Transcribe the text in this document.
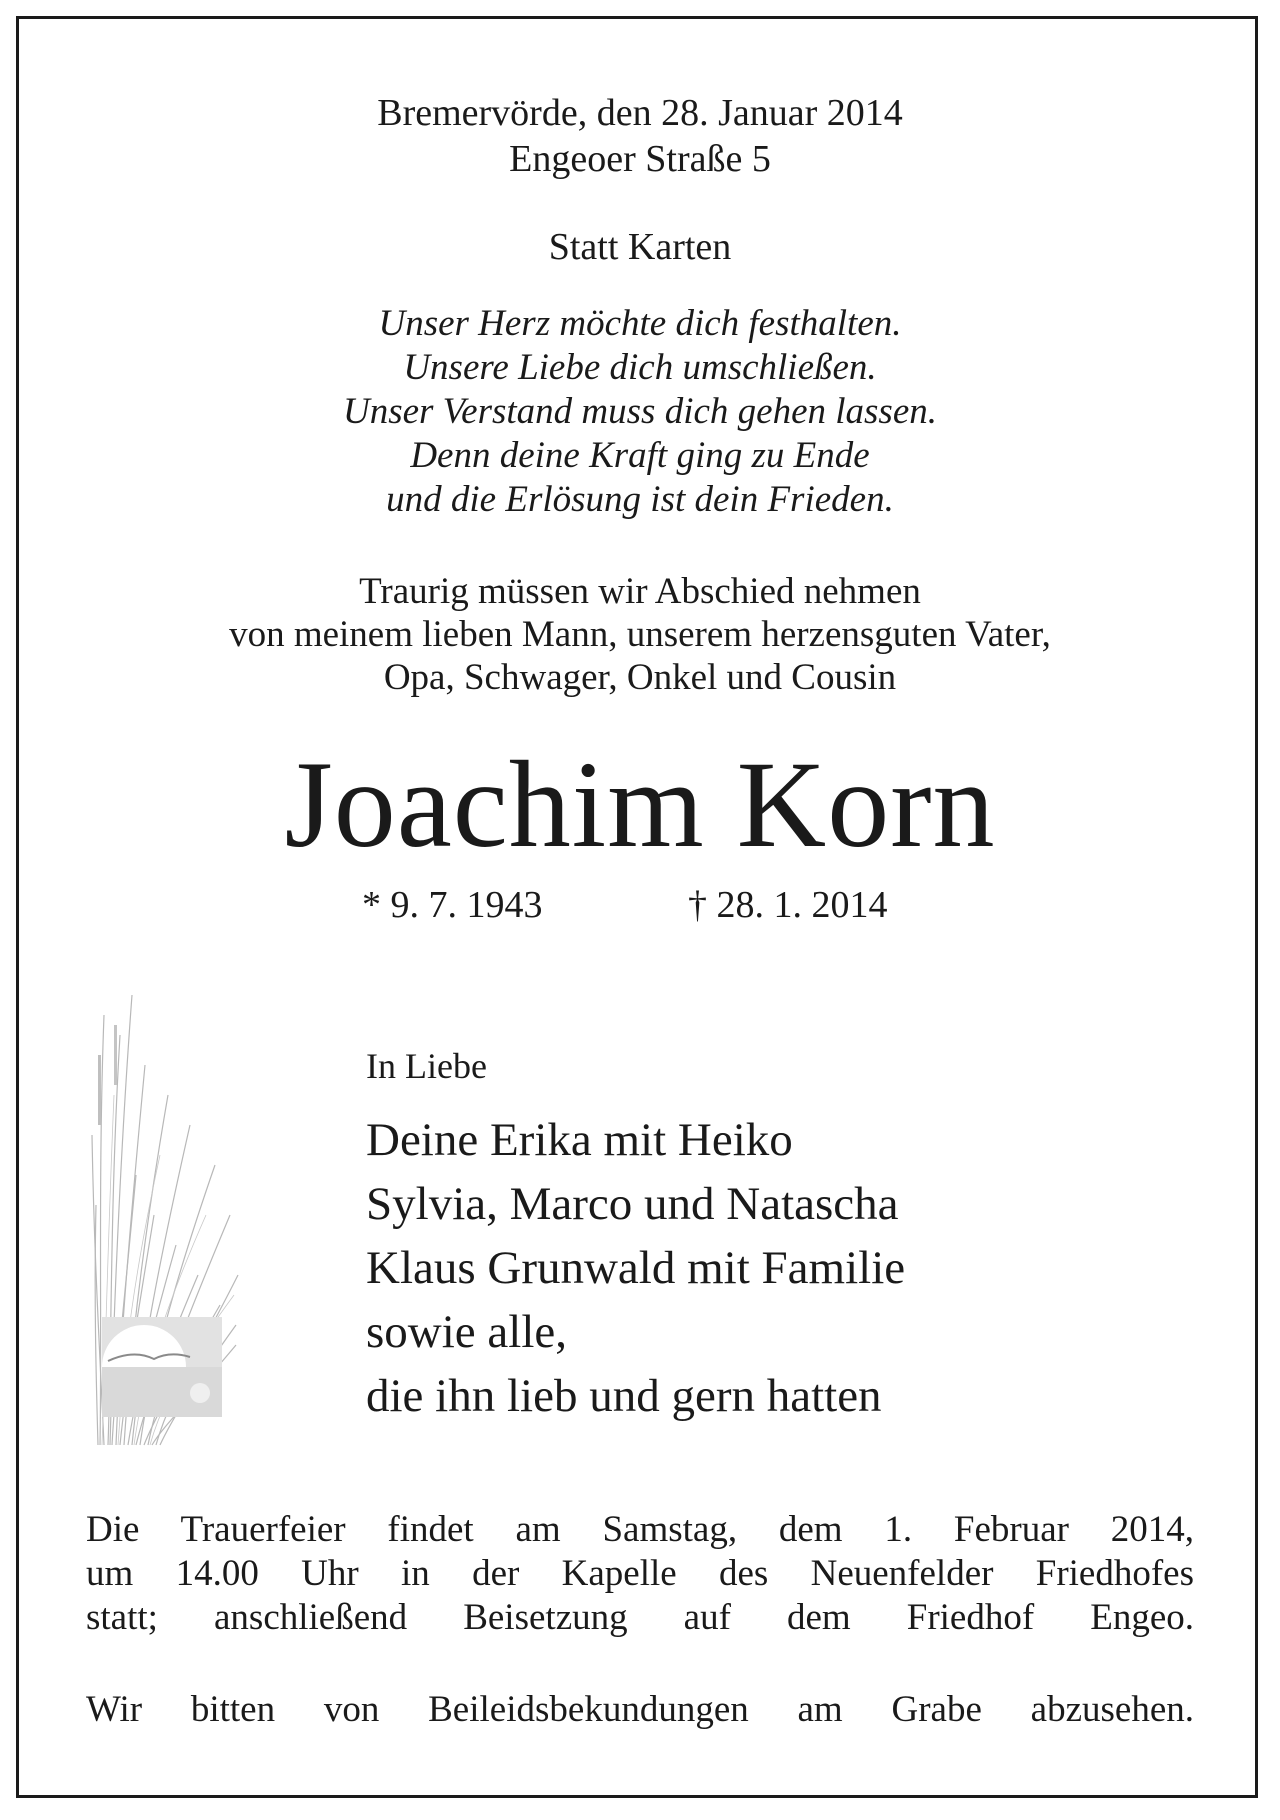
Bremervörde, den 28. Januar 2014
Engeoer Straße 5
Statt Karten
Unser Herz möchte dich festhalten.
Unsere Liebe dich umschließen.
Unser Verstand muss dich gehen lassen.
Denn deine Kraft ging zu Ende
und die Erlösung ist dein Frieden.
Traurig müssen wir Abschied nehmen
von meinem lieben Mann, unserem herzensguten Vater,
Opa, Schwager, Onkel und Cousin
Joachim Korn
* 9. 7. 1943	† 28. 1. 2014
In Liebe
Deine Erika mit Heiko
Sylvia, Marco und Natascha
Klaus Grunwald mit Familie
sowie alle,
die ihn lieb und gern hatten
Die Trauerfeier findet am Samstag, dem 1. Februar 2014,
um 14.00 Uhr in der Kapelle des Neuenfelder Friedhofes
statt; anschließend Beisetzung auf dem Friedhof Engeo.
Wir bitten von Beileidsbekundungen am Grabe abzusehen.
